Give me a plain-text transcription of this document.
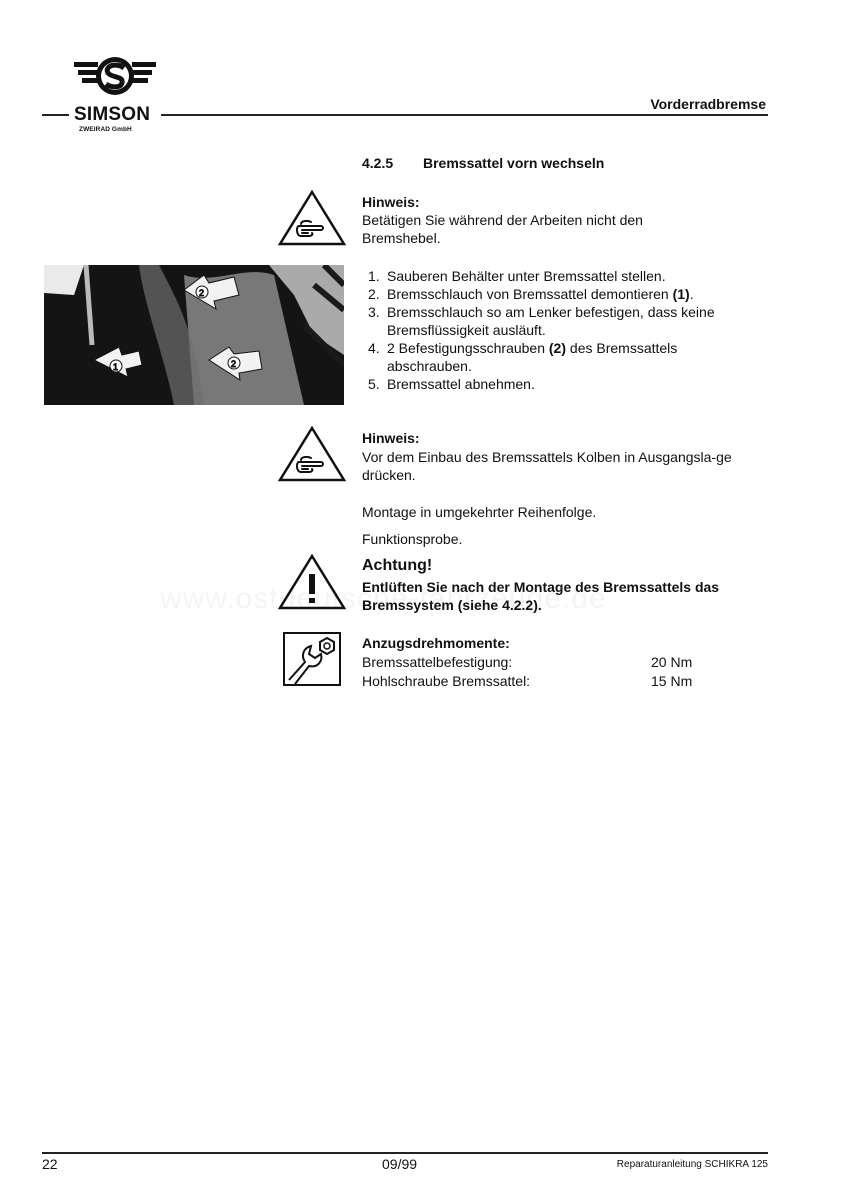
SIMSON
ZWEIRAD GmbH
Vorderradbremse
4.2.5 Bremssattel vorn wechseln
Hinweis:
Betätigen Sie während der Arbeiten nicht den Bremshebel.
1
2
2
1. Sauberen Behälter unter Bremssattel stellen.
2. Bremsschlauch von Bremssattel demontieren (1).
3. Bremsschlauch so am Lenker befestigen, dass keine Bremsflüssigkeit ausläuft.
4. 2 Befestigungsschrauben (2) des Bremssattels abschrauben.
5. Bremssattel abnehmen.
Hinweis:
Vor dem Einbau des Bremssattels Kolben in Ausgangsla-ge drücken.
Montage in umgekehrter Reihenfolge.
Funktionsprobe.
Achtung!
Entlüften Sie nach der Montage des Bremssattels das Bremssystem (siehe 4.2.2).
Anzugsdrehmomente:
Bremssattelbefestigung:	20 Nm
Hohlschraube Bremssattel:	15 Nm
22	09/99	Reparaturanleitung SCHIKRA 125
